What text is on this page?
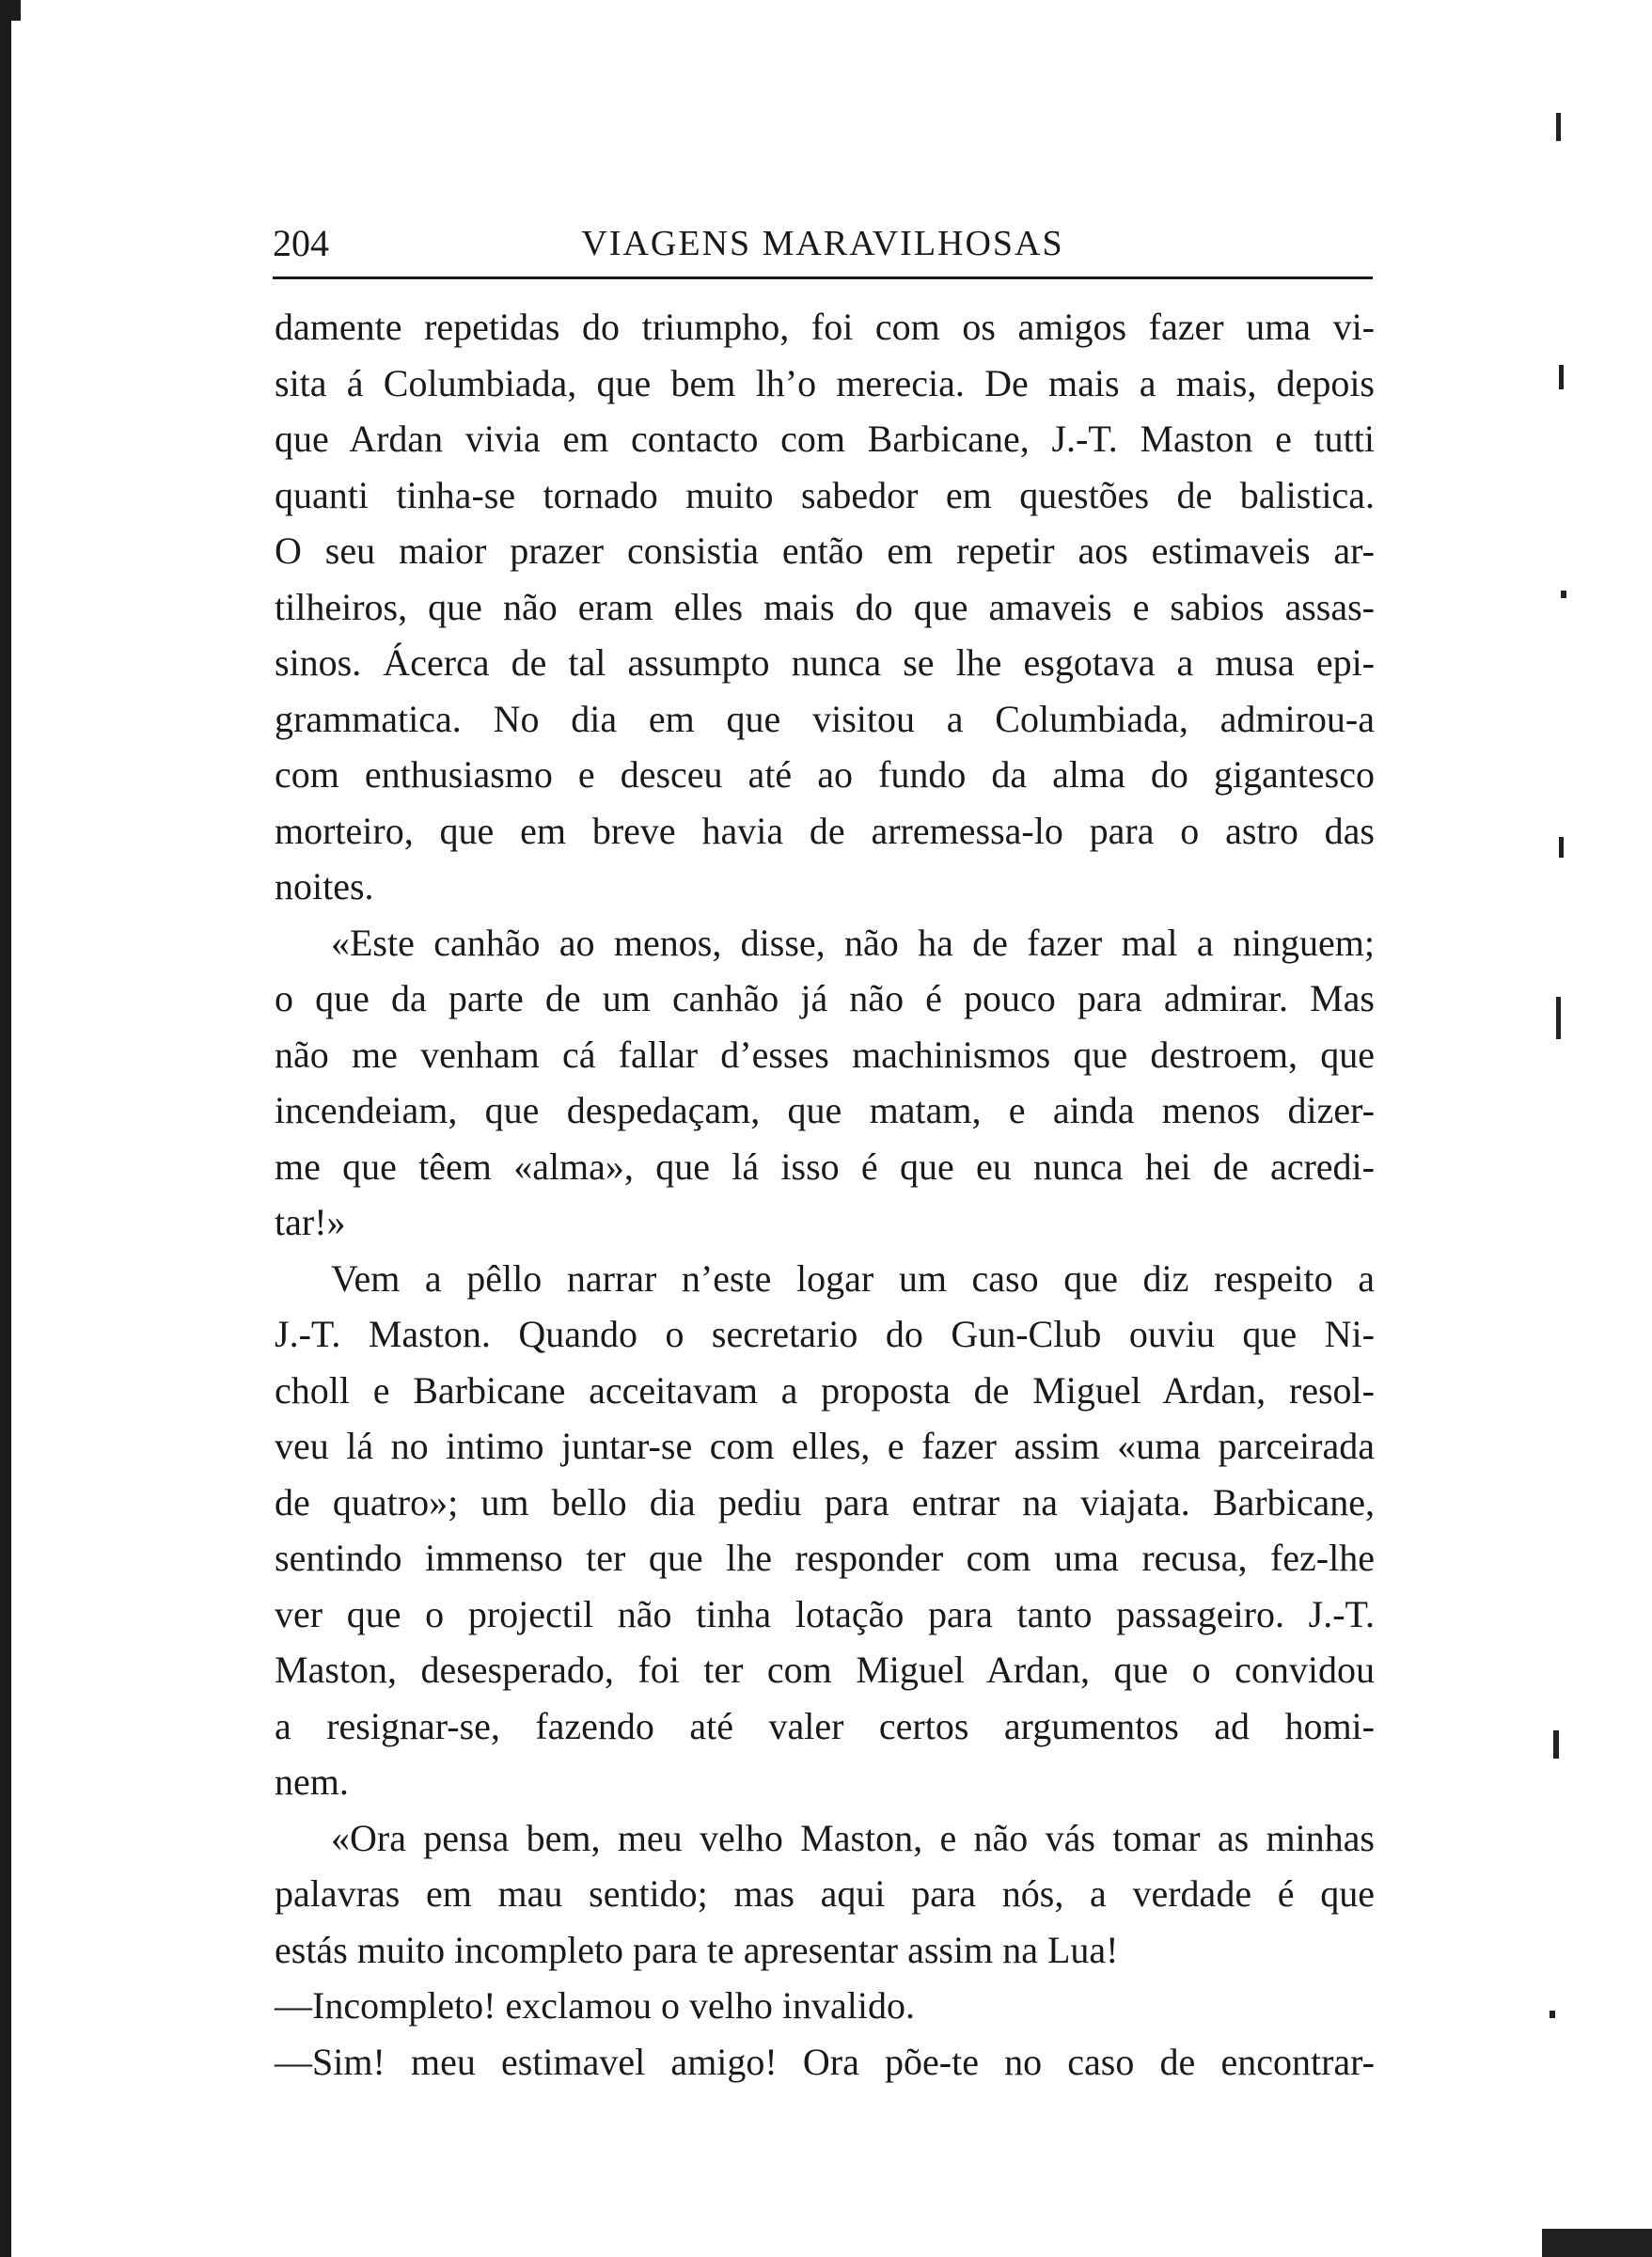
204	VIAGENS MARAVILHOSAS
damente repetidas do triumpho, foi com os amigos fazer uma vi-
sita á Columbiada, que bem lh’o merecia. De mais a mais, depois
que Ardan vivia em contacto com Barbicane, J.-T. Maston e tutti
quanti tinha-se tornado muito sabedor em questões de balistica.
O seu maior prazer consistia então em repetir aos estimaveis ar-
tilheiros, que não eram elles mais do que amaveis e sabios assas-
sinos. Ácerca de tal assumpto nunca se lhe esgotava a musa epi-
grammatica. No dia em que visitou a Columbiada, admirou-a
com enthusiasmo e desceu até ao fundo da alma do gigantesco
morteiro, que em breve havia de arremessa-lo para o astro das
noites.
«Este canhão ao menos, disse, não ha de fazer mal a ninguem;
o que da parte de um canhão já não é pouco para admirar. Mas
não me venham cá fallar d’esses machinismos que destroem, que
incendeiam, que despedaçam, que matam, e ainda menos dizer-
me que têem «alma», que lá isso é que eu nunca hei de acredi-
tar!»
Vem a pêllo narrar n’este logar um caso que diz respeito a
J.-T. Maston. Quando o secretario do Gun-Club ouviu que Ni-
choll e Barbicane acceitavam a proposta de Miguel Ardan, resol-
veu lá no intimo juntar-se com elles, e fazer assim «uma parceirada
de quatro»; um bello dia pediu para entrar na viajata. Barbicane,
sentindo immenso ter que lhe responder com uma recusa, fez-lhe
ver que o projectil não tinha lotação para tanto passageiro. J.-T.
Maston, desesperado, foi ter com Miguel Ardan, que o convidou
a resignar-se, fazendo até valer certos argumentos ad homi-
nem.
«Ora pensa bem, meu velho Maston, e não vás tomar as minhas
palavras em mau sentido; mas aqui para nós, a verdade é que
estás muito incompleto para te apresentar assim na Lua!
—Incompleto! exclamou o velho invalido.
—Sim! meu estimavel amigo! Ora põe-te no caso de encontrar-
